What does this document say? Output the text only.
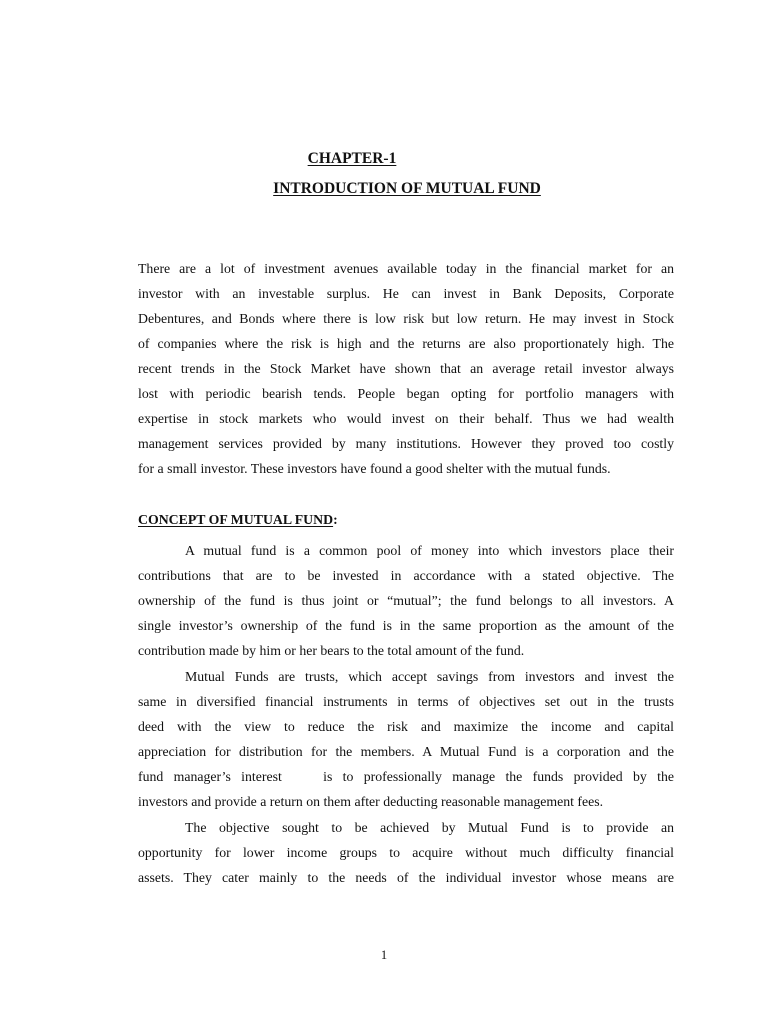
CHAPTER-1
INTRODUCTION OF MUTUAL FUND
There are a lot of investment avenues available today in the financial market for an
investor with an investable surplus. He can invest in Bank Deposits, Corporate
Debentures, and Bonds where there is low risk but low return. He may invest in Stock
of companies where the risk is high and the returns are also proportionately high. The
recent trends in the Stock Market have shown that an average retail investor always
lost with periodic bearish tends. People began opting for portfolio managers with
expertise in stock markets who would invest on their behalf. Thus we had wealth
management services provided by many institutions. However they proved too costly
for a small investor. These investors have found a good shelter with the mutual funds.
CONCEPT OF MUTUAL FUND:
A mutual fund is a common pool of money into which investors place their
contributions that are to be invested in accordance with a stated objective. The
ownership of the fund is thus joint or “mutual”; the fund belongs to all investors. A
single investor’s ownership of the fund is in the same proportion as the amount of the
contribution made by him or her bears to the total amount of the fund.
Mutual Funds are trusts, which accept savings from investors and invest the
same in diversified financial instruments in terms of objectives set out in the trusts
deed with the view to reduce the risk and maximize the income and capital
appreciation for distribution for the members. A Mutual Fund is a corporation and the
fund manager’s interest    is to professionally manage the funds provided by the
investors and provide a return on them after deducting reasonable management fees.
The objective sought to be achieved by Mutual Fund is to provide an
opportunity for lower income groups to acquire without much difficulty financial
assets. They cater mainly to the needs of the individual investor whose means are
1
